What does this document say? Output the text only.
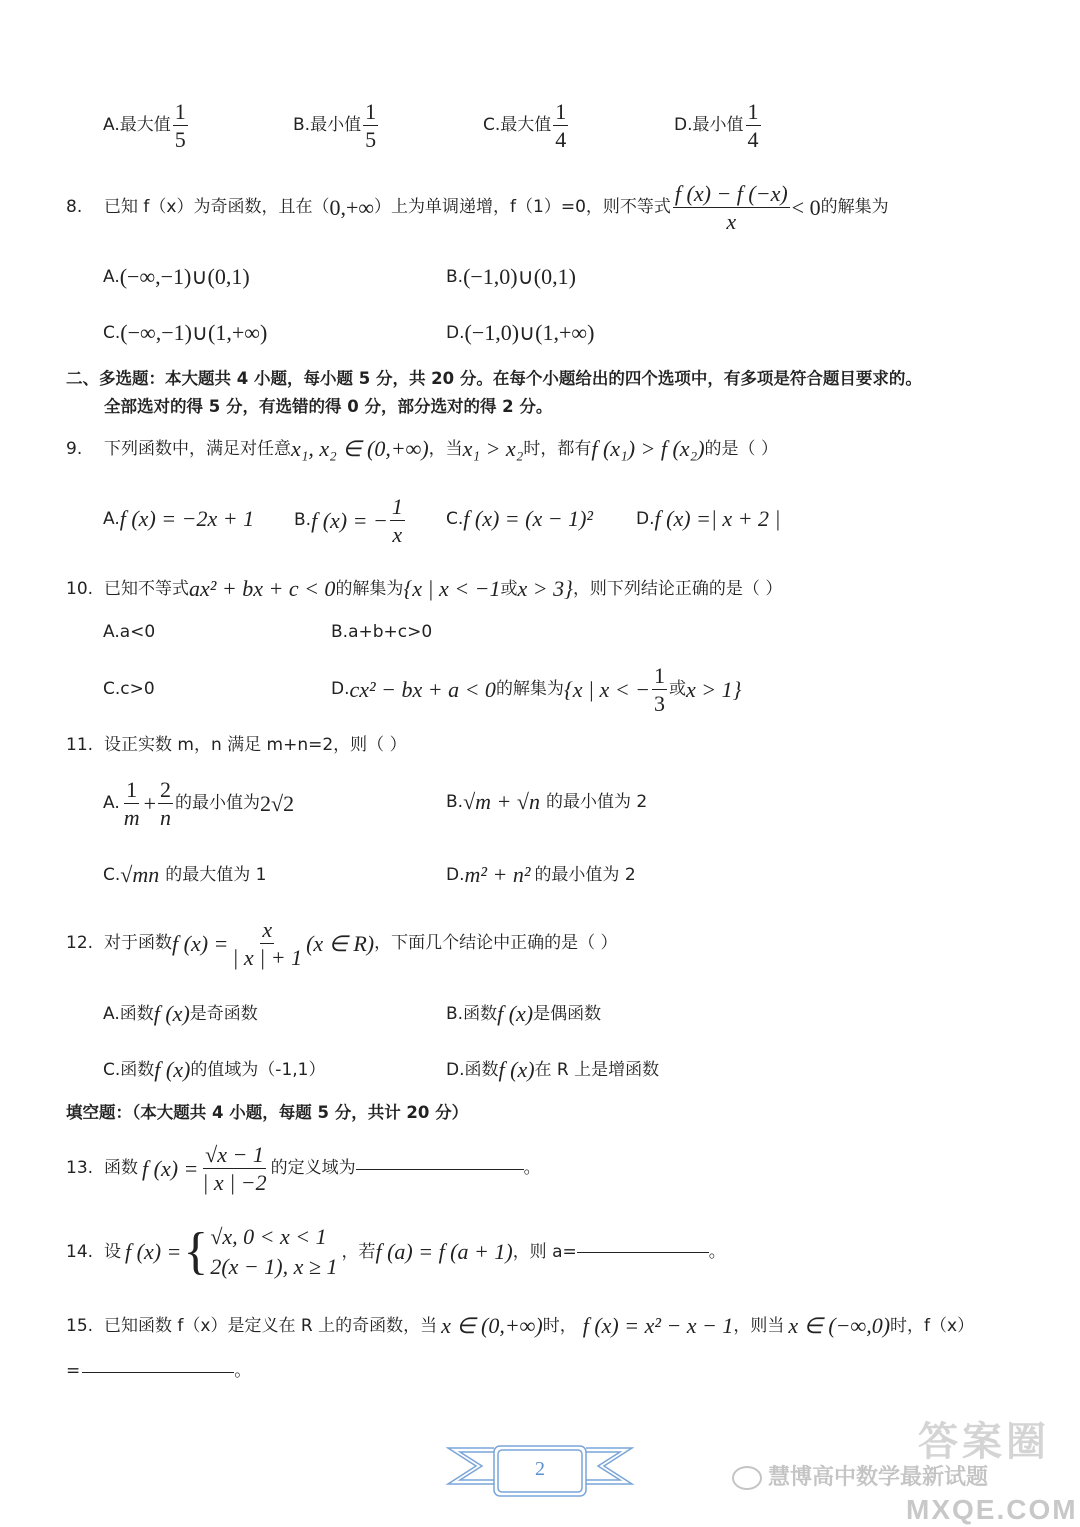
A.最大值 $\frac{1}{5}$	B.最小值 $\frac{1}{5}$	C.最大值 $\frac{1}{4}$	D.最小值 $\frac{1}{4}$
8.	已知 f（x）为奇函数，且在（ 0,+∞ ）上为单调递增，f（1）=0，则不等式 $\frac{f (x) - f (-x)}{x} < 0$ 的解集为
A. (−∞,−1)∪(0,1)	B. (−1,0)∪(0,1)
C. (−∞,−1)∪(1,+∞)	D. (−1,0)∪(1,+∞)
二、多选题：本大题共 4 小题，每小题 5 分，共 20 分。在每个小题给出的四个选项中，有多项是符合题目要求的。
全部选对的得 5 分，有选错的得 0 分，部分选对的得 2 分。
9.	下列函数中，满足对任意 x₁, x₂ ∈ (0,+∞) ，当 x₁ > x₂ 时，都有 f (x₁) > f (x₂) 的是（ ）
A. f (x) = −2x + 1 B. f (x) = − $\frac{1}{x} C$. f (x) = (x − 1)²	D. f (x) =| x + 2 |
10. 已知不等式 ax² + bx + c < 0 的解集为 {x | x < −1 或 x > 3} ，则下列结论正确的是（ ）
A.a<0	B.a+b+c>0
C.c>0	D. cx² − bx + a < 0 的解集为 {x | x < − $\frac{1}{3}$ 或 x > 1}
11. 设正实数 m，n 满足 m+n=2，则（ ）
A. $\frac{1}{m} + \frac{2}{n}$ 的最小值为 2√2	B. √m + √n 的最小值为 2
C. √mn 的最大值为 1	D. m² + n² 的最小值为 2
12. 对于函数 f $(x) = \frac{x}{| x | + 1} (x$ ∈ R) ，下面几个结论中正确的是（ ）
A.函数 f (x) 是奇函数	B.函数 f (x) 是偶函数
C.函数 f (x) 的值域为（-1,1）	D.函数 f (x) 在 R 上是增函数
填空题：（本大题共 4 小题，每题 5 分，共计 20 分）
13. 函数 f $(x) = \frac{√x - 1}{| x | -2}$ 的定义域为	。
14. 设 f (x) = { √x, 0 < x < 1
2(x − 1), x ≥ 1
，若 f (a) = f (a + 1) ，则 a=	。
15. 已知函数 f（x）是定义在 R 上的奇函数，当 x ∈ (0,+∞) 时， f (x) = x² − x − 1 ，则当 x ∈ (−∞,0) 时，f（x）
=	。
2	慧博高中数学最新试题
答案圈
MXQE.COM
